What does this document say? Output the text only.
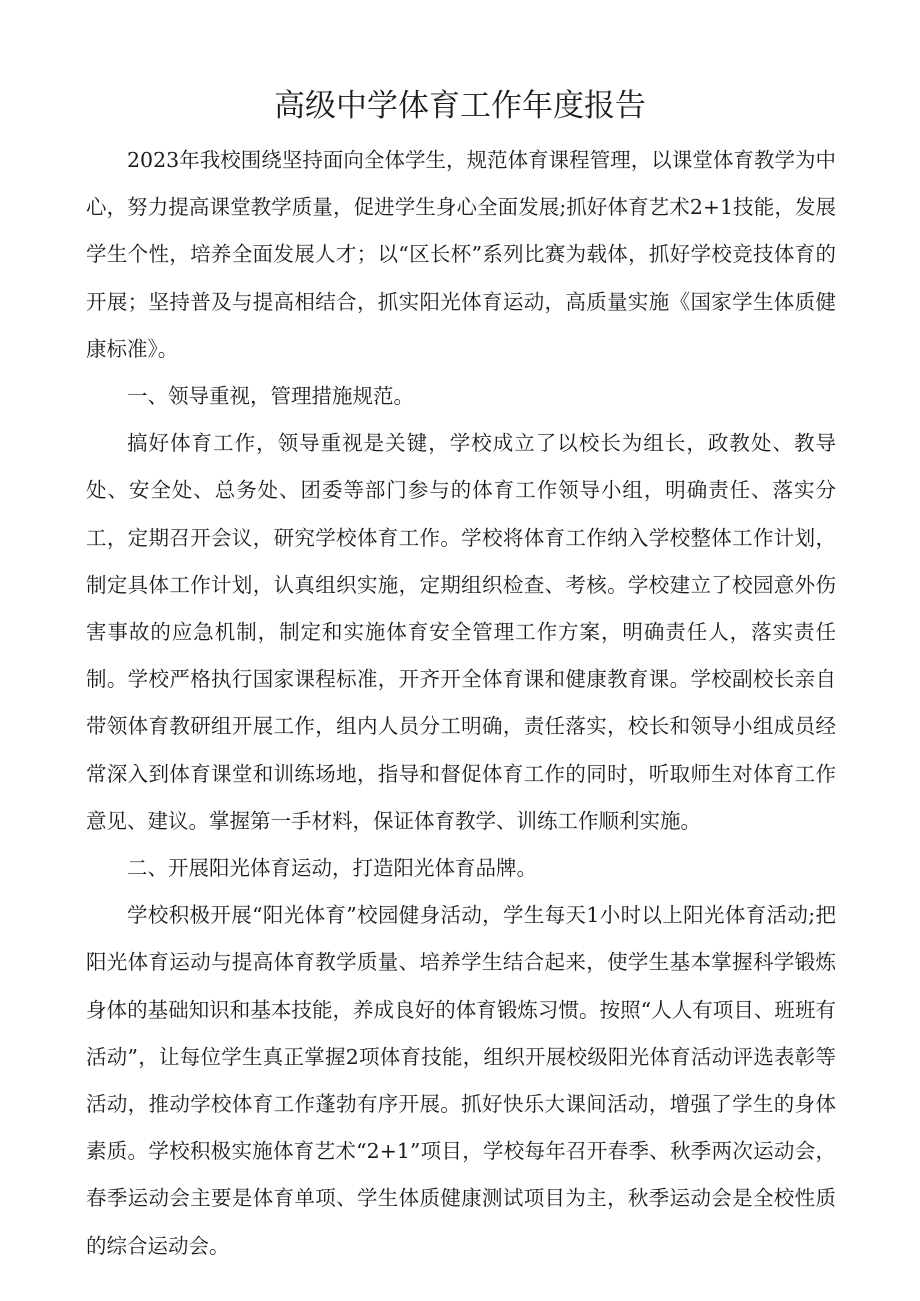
高级中学体育工作年度报告

2023年我校围绕坚持面向全体学生，规范体育课程管理，以课堂体育教学为中心，努力提高课堂教学质量，促进学生身心全面发展;抓好体育艺术2+1技能，发展学生个性，培养全面发展人才；以“区长杯”系列比赛为载体，抓好学校竞技体育的开展；坚持普及与提高相结合，抓实阳光体育运动，高质量实施《国家学生体质健康标准》。

一、领导重视，管理措施规范。

搞好体育工作，领导重视是关键，学校成立了以校长为组长，政教处、教导处、安全处、总务处、团委等部门参与的体育工作领导小组，明确责任、落实分工，定期召开会议，研究学校体育工作。学校将体育工作纳入学校整体工作计划，制定具体工作计划，认真组织实施，定期组织检查、考核。学校建立了校园意外伤害事故的应急机制，制定和实施体育安全管理工作方案，明确责任人，落实责任制。学校严格执行国家课程标准，开齐开全体育课和健康教育课。学校副校长亲自带领体育教研组开展工作，组内人员分工明确，责任落实，校长和领导小组成员经常深入到体育课堂和训练场地，指导和督促体育工作的同时，听取师生对体育工作意见、建议。掌握第一手材料，保证体育教学、训练工作顺利实施。

二、开展阳光体育运动，打造阳光体育品牌。

学校积极开展“阳光体育”校园健身活动，学生每天1小时以上阳光体育活动;把阳光体育运动与提高体育教学质量、培养学生结合起来，使学生基本掌握科学锻炼身体的基础知识和基本技能，养成良好的体育锻炼习惯。按照“人人有项目、班班有活动”，让每位学生真正掌握2项体育技能，组织开展校级阳光体育活动评选表彰等活动，推动学校体育工作蓬勃有序开展。抓好快乐大课间活动，增强了学生的身体素质。学校积极实施体育艺术“2+1”项目，学校每年召开春季、秋季两次运动会，春季运动会主要是体育单项、学生体质健康测试项目为主，秋季运动会是全校性质的综合运动会。
